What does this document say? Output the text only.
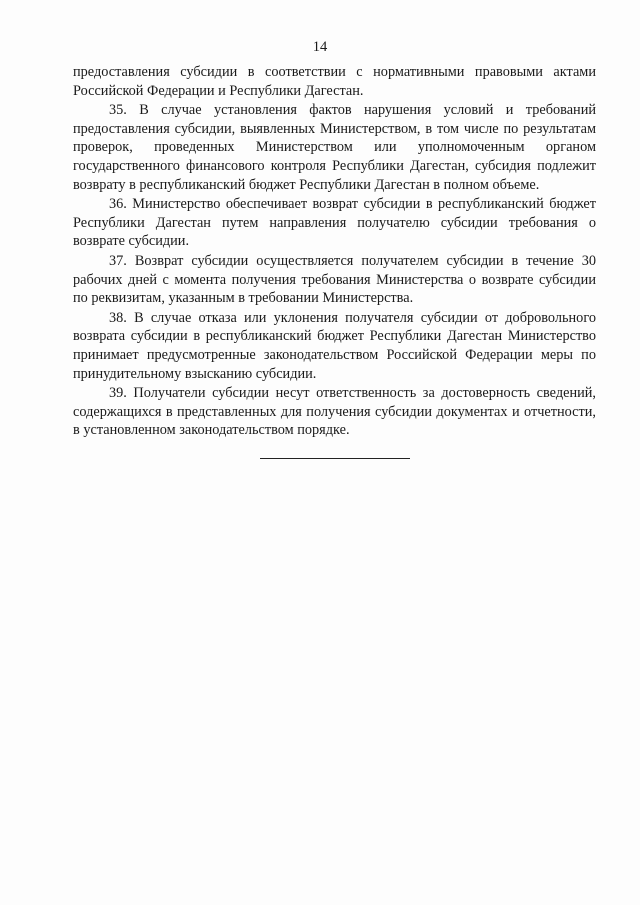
14

предоставления субсидии в соответствии с нормативными правовыми актами Российской Федерации и Республики Дагестан.

35. В случае установления фактов нарушения условий и требований предоставления субсидии, выявленных Министерством, в том числе по результатам проверок, проведенных Министерством или уполномоченным органом государственного финансового контроля Республики Дагестан, субсидия подлежит возврату в республиканский бюджет Республики Дагестан в полном объеме.

36. Министерство обеспечивает возврат субсидии в республиканский бюджет Республики Дагестан путем направления получателю субсидии требования о возврате субсидии.

37. Возврат субсидии осуществляется получателем субсидии в течение 30 рабочих дней с момента получения требования Министерства о возврате субсидии по реквизитам, указанным в требовании Министерства.

38. В случае отказа или уклонения получателя субсидии от добровольного возврата субсидии в республиканский бюджет Республики Дагестан Министерство принимает предусмотренные законодательством Российской Федерации меры по принудительному взысканию субсидии.

39. Получатели субсидии несут ответственность за достоверность сведений, содержащихся в представленных для получения субсидии документах и отчетности, в установленном законодательством порядке.
